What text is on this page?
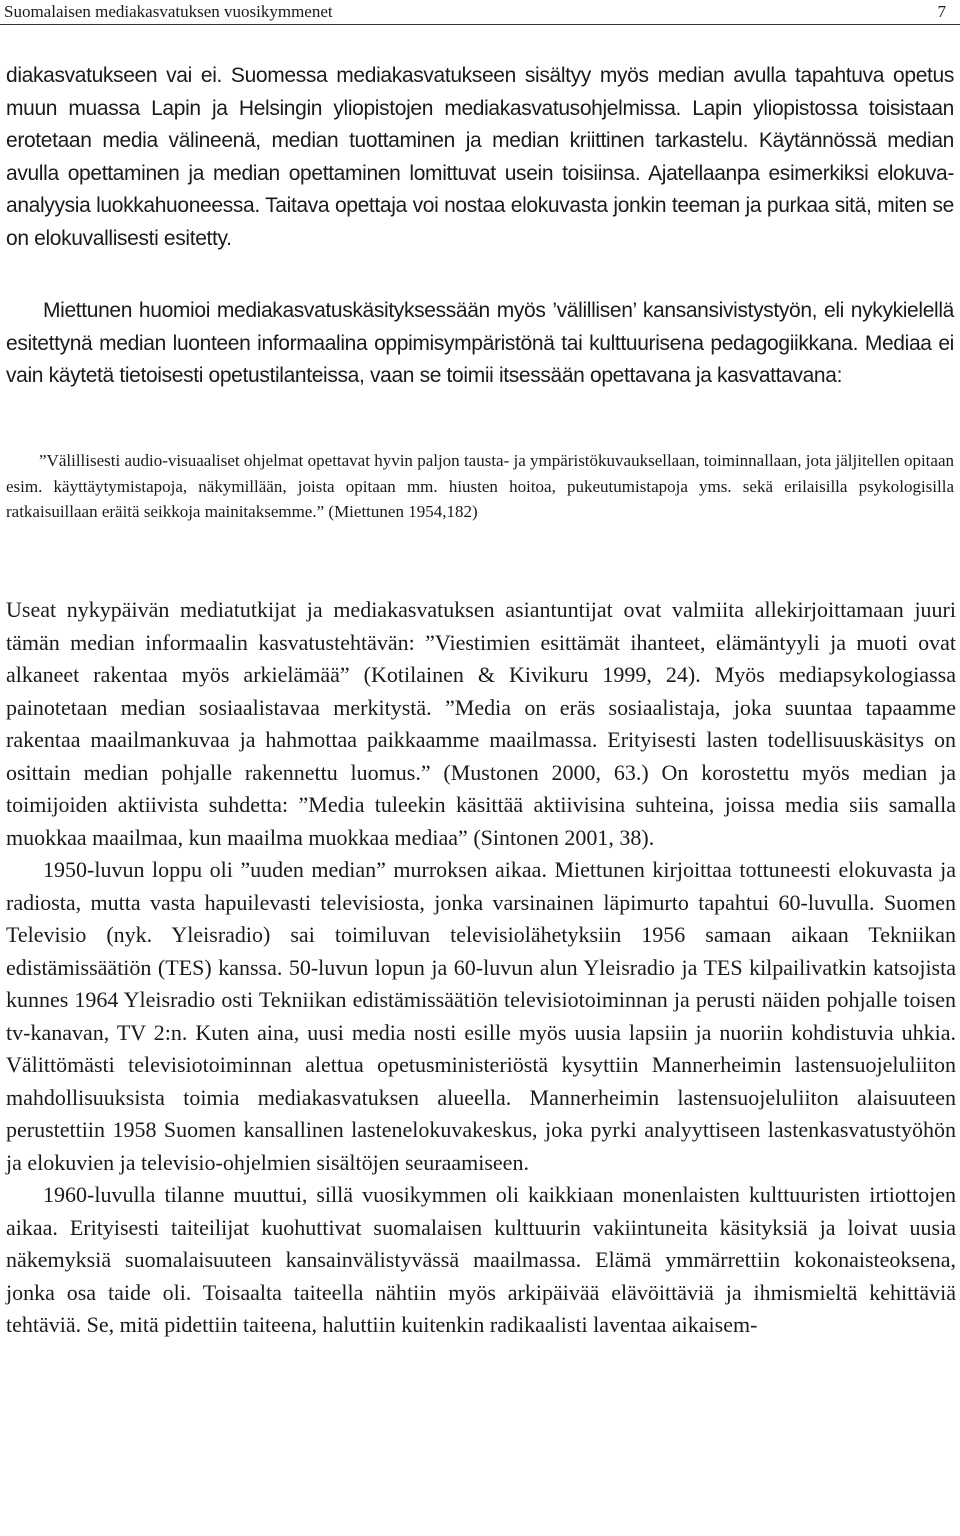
Suomalaisen mediakasvatuksen vuosikymmenet	7

diakasvatukseen vai ei. Suomessa mediakasvatukseen sisältyy myös median avulla tapahtuva opetus muun muassa Lapin ja Helsingin yliopistojen mediakasvatusohjelmissa. Lapin yliopistossa toisistaan erotetaan media välineenä, median tuottaminen ja median kriittinen tarkastelu. Käytännössä median avulla opettaminen ja median opettaminen lomittuvat usein toisiinsa. Ajatellaanpa esimerkiksi elokuva-analyysia luokkahuoneessa. Taitava opettaja voi nostaa elokuvasta jonkin teeman ja purkaa sitä, miten se on elokuvallisesti esitetty.

Miettunen huomioi mediakasvatuskäsityksessään myös ’välillisen’ kansansivistystyön, eli nykykielellä esitettynä median luonteen informaalina oppimisympäristönä tai kulttuurisena pedagogiikkana. Mediaa ei vain käytetä tietoisesti opetustilanteissa, vaan se toimii itsessään opettavana ja kasvattavana:

”Välillisesti audio-visuaaliset ohjelmat opettavat hyvin paljon tausta- ja ympäristökuvauksellaan, toiminnallaan, jota jäljitellen opitaan esim. käyttäytymistapoja, näkymillään, joista opitaan mm. hiusten hoitoa, pukeutumistapoja yms. sekä erilaisilla psykologisilla ratkaisuillaan eräitä seikkoja mainitaksemme.” (Miettunen 1954,182)

Useat nykypäivän mediatutkijat ja mediakasvatuksen asiantuntijat ovat valmiita allekirjoittamaan juuri tämän median informaalin kasvatustehtävän: ”Viestimien esittämät ihanteet, elämäntyyli ja muoti ovat alkaneet rakentaa myös arkielämää” (Kotilainen & Kivikuru 1999, 24). Myös mediapsykologiassa painotetaan median sosiaalistavaa merkitystä. ”Media on eräs sosiaalistaja, joka suuntaa tapaamme rakentaa maailmankuvaa ja hahmottaa paikkaamme maailmassa. Erityisesti lasten todellisuuskäsitys on osittain median pohjalle rakennettu luomus.” (Mustonen 2000, 63.) On korostettu myös median ja toimijoiden aktiivista suhdetta: ”Media tuleekin käsittää aktiivisina suhteina, joissa media siis samalla muokkaa maailmaa, kun maailma muokkaa mediaa” (Sintonen 2001, 38).

1950-luvun loppu oli ”uuden median” murroksen aikaa. Miettunen kirjoittaa tottuneesti elokuvasta ja radiosta, mutta vasta hapuilevasti televisiosta, jonka varsinainen läpimurto tapahtui 60-luvulla. Suomen Televisio (nyk. Yleisradio) sai toimiluvan televisiolähetyksiin 1956 samaan aikaan Tekniikan edistämissäätiön (TES) kanssa. 50-luvun lopun ja 60-luvun alun Yleisradio ja TES kilpailivatkin katsojista kunnes 1964 Yleisradio osti Tekniikan edistämissäätiön televisiotoiminnan ja perusti näiden pohjalle toisen tv-kanavan, TV 2:n. Kuten aina, uusi media nosti esille myös uusia lapsiin ja nuoriin kohdistuvia uhkia. Välittömästi televisiotoiminnan alettua opetusministeriöstä kysyttiin Mannerheimin lastensuojeluliiton mahdollisuuksista toimia mediakasvatuksen alueella. Mannerheimin lastensuojeluliiton alaisuuteen perustettiin 1958 Suomen kansallinen lastenelokuvakeskus, joka pyrki analyyttiseen lastenkasvatustyöhön ja elokuvien ja televisio-ohjelmien sisältöjen seuraamiseen.

1960-luvulla tilanne muuttui, sillä vuosikymmen oli kaikkiaan monenlaisten kulttuuristen irtiottojen aikaa. Erityisesti taiteilijat kuohuttivat suomalaisen kulttuurin vakiintuneita käsityksiä ja loivat uusia näkemyksiä suomalaisuuteen kansainvälistyvässä maailmassa. Elämä ymmärrettiin kokonaisteoksena, jonka osa taide oli. Toisaalta taiteella nähtiin myös arkipäivää elävöittäviä ja ihmismieltä kehittäviä tehtäviä. Se, mitä pidettiin taiteena, haluttiin kuitenkin radikaalisti laventaa aikaisem-
